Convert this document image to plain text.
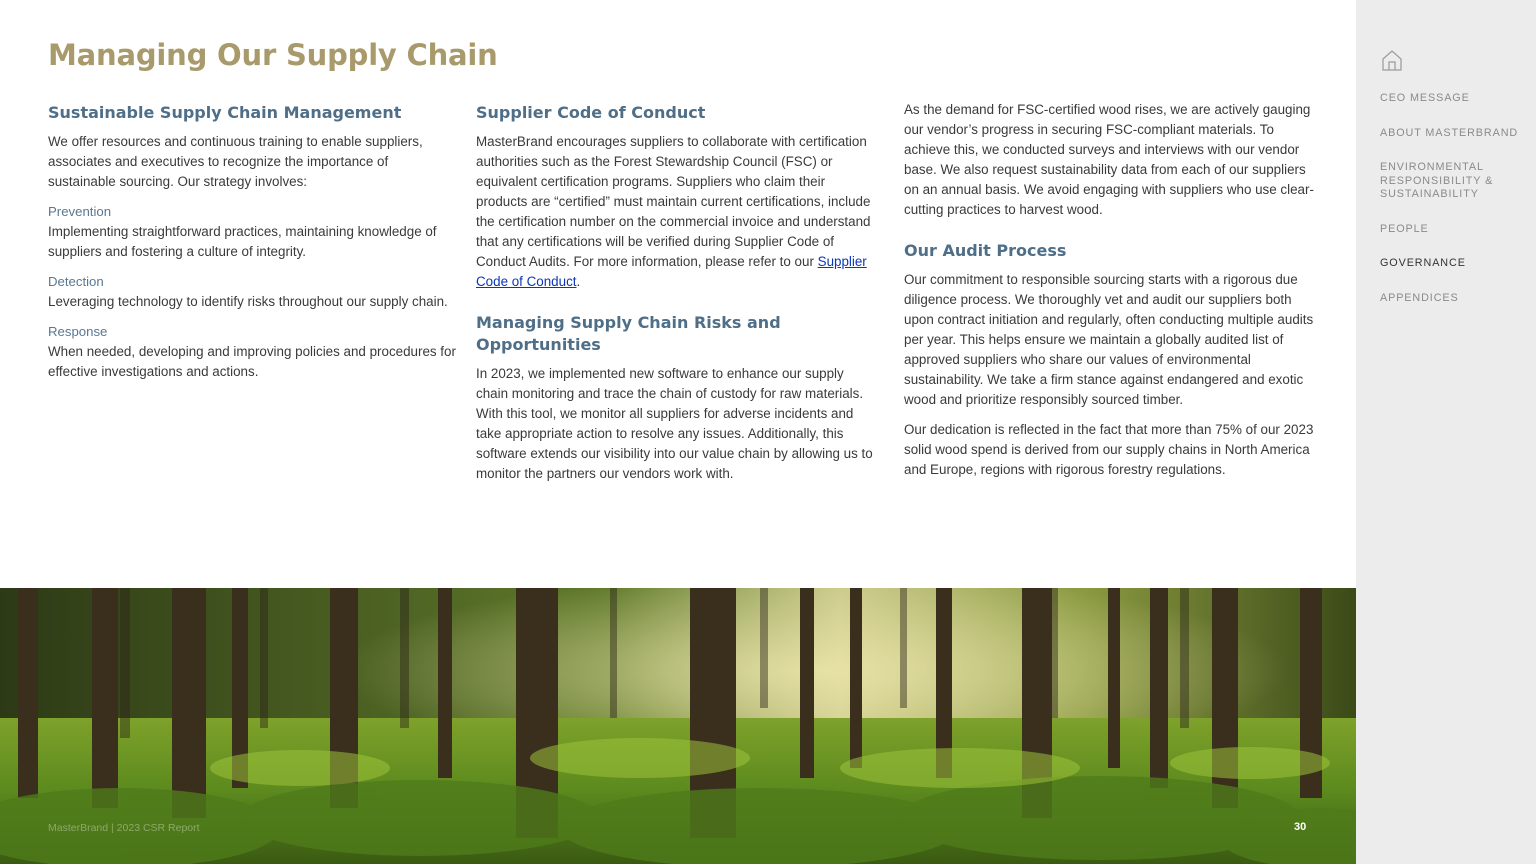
Managing Our Supply Chain
Sustainable Supply Chain Management

We offer resources and continuous training to enable suppliers, associates and executives to recognize the importance of sustainable sourcing. Our strategy involves:

Prevention

Implementing straightforward practices, maintaining knowledge of suppliers and fostering a culture of integrity.

Detection

Leveraging technology to identify risks throughout our supply chain.

Response

When needed, developing and improving policies and procedures for effective investigations and actions.

Supplier Code of Conduct

MasterBrand encourages suppliers to collaborate with certification authorities such as the Forest Stewardship Council (FSC) or equivalent certification programs. Suppliers who claim their products are “certified” must maintain current certifications, include the certification number on the commercial invoice and understand that any certifications will be verified during Supplier Code of Conduct Audits. For more information, please refer to our Supplier Code of Conduct.

Managing Supply Chain Risks and Opportunities

In 2023, we implemented new software to enhance our supply chain monitoring and trace the chain of custody for raw materials. With this tool, we monitor all suppliers for adverse incidents and take appropriate action to resolve any issues. Additionally, this software extends our visibility into our value chain by allowing us to monitor the partners our vendors work with.

As the demand for FSC-certified wood rises, we are actively gauging our vendor’s progress in securing FSC-compliant materials. To achieve this, we conducted surveys and interviews with our vendor base. We also request sustainability data from each of our suppliers on an annual basis. We avoid engaging with suppliers who use clear-cutting practices to harvest wood.

Our Audit Process

Our commitment to responsible sourcing starts with a rigorous due diligence process. We thoroughly vet and audit our suppliers both upon contract initiation and regularly, often conducting multiple audits per year. This helps ensure we maintain a globally audited list of approved suppliers who share our values of environmental sustainability. We take a firm stance against endangered and exotic wood and prioritize responsibly sourced timber.

Our dedication is reflected in the fact that more than 75% of our 2023 solid wood spend is derived from our supply chains in North America and Europe, regions with rigorous forestry regulations.

MasterBrand | 2023 CSR Report	30
CEO MESSAGE
ABOUT MASTERBRAND
ENVIRONMENTAL RESPONSIBILITY & SUSTAINABILITY
PEOPLE
GOVERNANCE
APPENDICES
